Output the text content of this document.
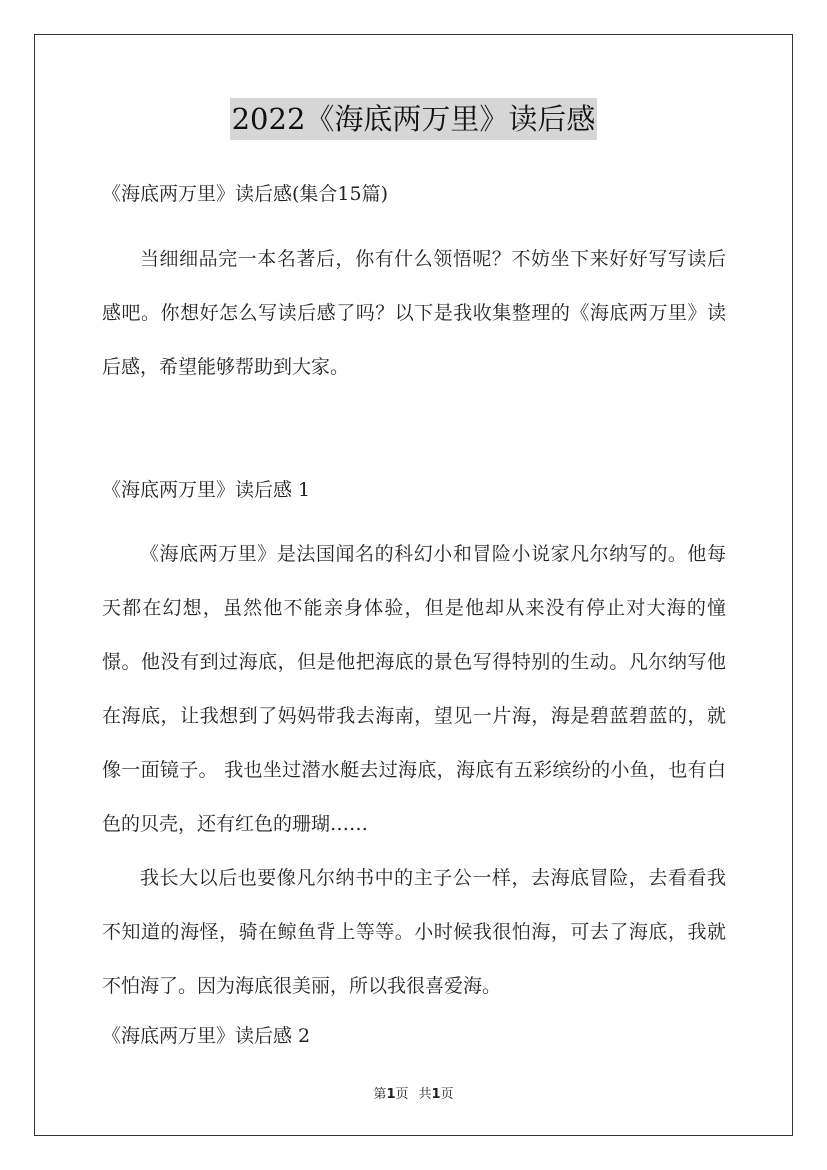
2022《海底两万里》读后感

《海底两万里》读后感(集合15篇)

当细细品完一本名著后，你有什么领悟呢？不妨坐下来好好写写读后感吧。你想好怎么写读后感了吗？以下是我收集整理的《海底两万里》读后感，希望能够帮助到大家。

《海底两万里》读后感 1

《海底两万里》是法国闻名的科幻小和冒险小说家凡尔纳写的。他每天都在幻想，虽然他不能亲身体验，但是他却从来没有停止对大海的憧憬。他没有到过海底，但是他把海底的景色写得特别的生动。凡尔纳写他在海底，让我想到了妈妈带我去海南，望见一片海，海是碧蓝碧蓝的，就像一面镜子。 我也坐过潜水艇去过海底，海底有五彩缤纷的小鱼，也有白色的贝壳，还有红色的珊瑚……

我长大以后也要像凡尔纳书中的主子公一样，去海底冒险，去看看我不知道的海怪，骑在鲸鱼背上等等。小时候我很怕海，可去了海底，我就不怕海了。因为海底很美丽，所以我很喜爱海。

《海底两万里》读后感 2

第1页 共1页
